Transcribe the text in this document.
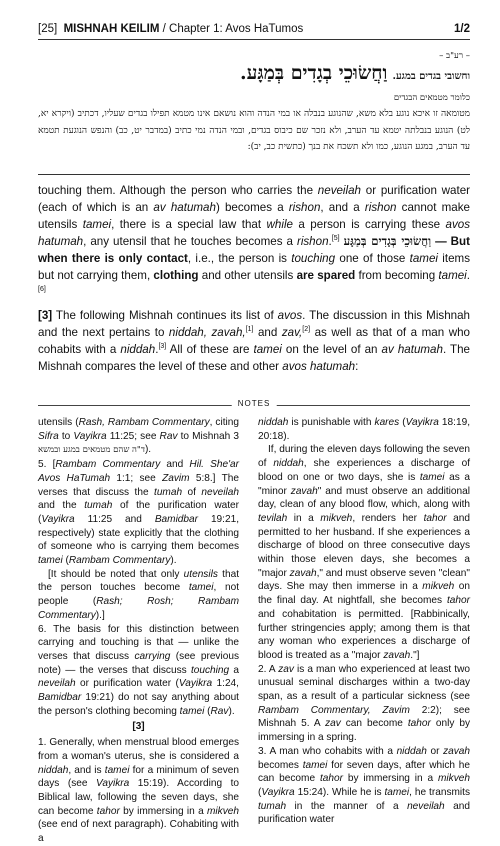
[25] MISHNAH KEILIM / Chapter 1: Avos HaTumos	1/2
– רע"ב –
וחשובי בגדים במגע. וַחֲשׂוּכֵי בְגָדִים בְּמַגָּע.
כלומר מטמאים הבגדים
מטומאה זו איכא נוגע בלא משא, שהנוגע בנבלה או במי הנדה והוא נושאם אינו מטמא תפילו בגדים שעליו, דכתיב (ויקרא יא, לט) הנוגע בנבלתה יטמא עד הערב, ולא נזכר שם כיבוס בגדים, ובמי הנדה נמי כתיב (במדבר יט, כב) והנפש הנוגעת תטמא עד הערב, במגע הנוגע, כמו ולא תשכח את בנך (כתשית כב, יב):

touching them. Although the person who carries the neveilah or purification water (each of which is an av hatumah) becomes a rishon, and a rishon cannot make utensils tamei, there is a special law that while a person is carrying these avos hatumah, any utensil that he touches becomes a rishon.[5] וַחֲשׂוּכֵי בְּגָדִים בְּמַגָּע — But when there is only contact, i.e., the person is touching one of those tamei items but not carrying them, clothing and other utensils are spared from becoming tamei.[6]

[3] The following Mishnah continues its list of avos. The discussion in this Mishnah and the next pertains to niddah, zavah,[1] and zav,[2] as well as that of a man who cohabits with a niddah.[3] All of these are tamei on the level of an av hatumah. The Mishnah compares the level of these and other avos hatumah:

NOTES

utensils (Rash, Rambam Commentary, citing Sifra to Vayikra 11:25; see Rav to Mishnah 3 ד"ה שהם מטמאים במגע ובמשא).

5. [Rambam Commentary and Hil. She'ar Avos HaTumah 1:1; see Zavim 5:8.] The verses that discuss the tumah of neveilah and the tumah of the purification water (Vayikra 11:25 and Bamidbar 19:21, respectively) state explicitly that the clothing of someone who is carrying them becomes tamei (Rambam Commentary).

[It should be noted that only utensils that the person touches become tamei, not people (Rash; Rosh; Rambam Commentary).]

6. The basis for this distinction between carrying and touching is that — unlike the verses that discuss carrying (see previous note) — the verses that discuss touching a neveilah or purification water (Vayikra 1:24, Bamidbar 19:21) do not say anything about the person's clothing becoming tamei (Rav).

[3]

1. Generally, when menstrual blood emerges from a woman's uterus, she is considered a niddah, and is tamei for a minimum of seven days (see Vayikra 15:19). According to Biblical law, following the seven days, she can become tahor by immersing in a mikveh (see end of next paragraph). Cohabiting with a

niddah is punishable with kares (Vayikra 18:19, 20:18).

If, during the eleven days following the seven of niddah, she experiences a discharge of blood on one or two days, she is tamei as a "minor zavah" and must observe an additional day, clean of any blood flow, which, along with tevilah in a mikveh, renders her tahor and permitted to her husband. If she experiences a discharge of blood on three consecutive days within those eleven days, she becomes a "major zavah," and must observe seven "clean" days. She may then immerse in a mikveh on the final day. At nightfall, she becomes tahor and cohabitation is permitted. [Rabbinically, further stringencies apply; among them is that any woman who experiences a discharge of blood is treated as a "major zavah."]

2. A zav is a man who experienced at least two unusual seminal discharges within a two-day span, as a result of a particular sickness (see Rambam Commentary, Zavim 2:2); see Mishnah 5. A zav can become tahor only by immersing in a spring.

3. A man who cohabits with a niddah or zavah becomes tamei for seven days, after which he can become tahor by immersing in a mikveh (Vayikra 15:24). While he is tamei, he transmits tumah in the manner of a neveilah and purification water
